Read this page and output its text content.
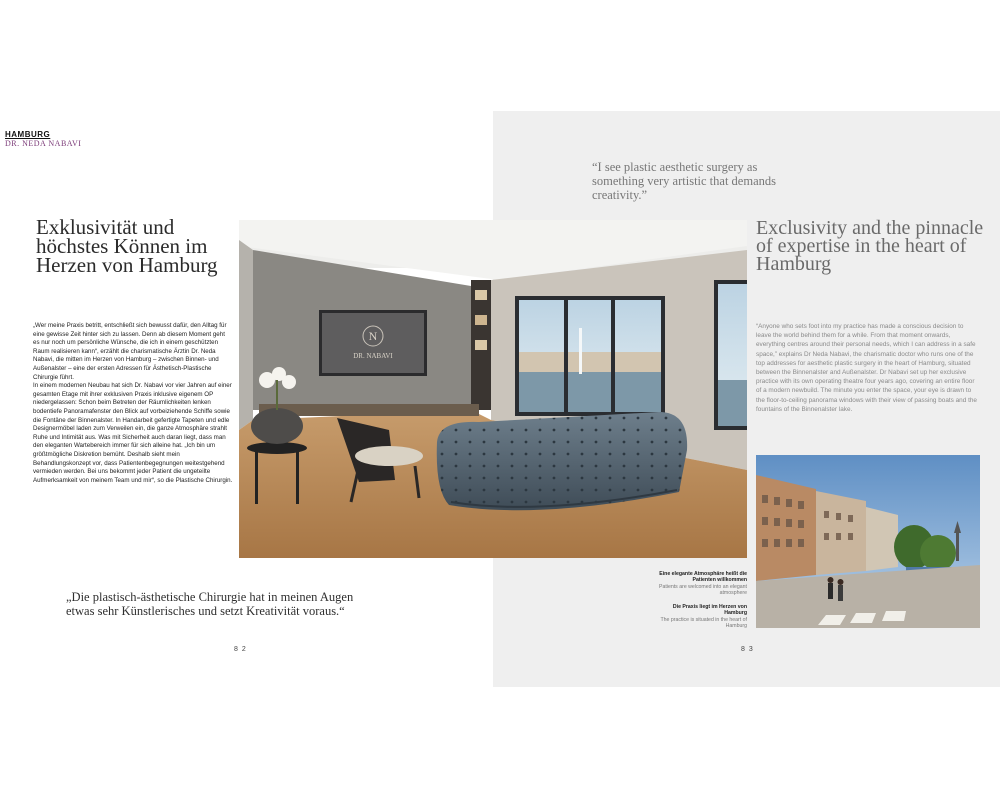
HAMBURG
DR. NEDA NABAVI
“I see plastic aesthetic surgery as something very artistic that demands creativity.”
Exklusivität und höchstes Können im Herzen von Hamburg
Exclusivity and the pinnacle of expertise in the heart of Hamburg

„Wer meine Praxis betritt, entschließt sich bewusst dafür, den Alltag für eine gewisse Zeit hinter sich zu lassen. Denn ab diesem Moment geht es nur noch um persönliche Wünsche, die ich in einem geschützten Raum realisieren kann“, erzählt die charismatische Ärztin Dr. Neda Nabavi, die mitten im Herzen von Hamburg – zwischen Binnen- und Außenalster – eine der ersten Adressen für Ästhetisch-Plastische Chirurgie führt.

In einem modernen Neubau hat sich Dr. Nabavi vor vier Jahren auf einer gesamten Etage mit ihrer exklusiven Praxis inklusive eigenem OP niedergelassen: Schon beim Betreten der Räumlichkeiten lenken bodentiefe Panoramafenster den Blick auf vorbeiziehende Schiffe sowie die Fontäne der Binnenalster. In Handarbeit gefertigte Tapeten und edle Designermöbel laden zum Verweilen ein, die ganze Atmosphäre strahlt Ruhe und Intimität aus. Was mit Sicherheit auch daran liegt, dass man den eleganten Wartebereich immer für sich alleine hat. „Ich bin um größtmögliche Diskretion bemüht. Deshalb sieht mein Behandlungskonzept vor, dass Patientenbegegnungen weitestgehend vermieden werden. Bei uns bekommt jeder Patient die ungeteilte Aufmerksamkeit von meinem Team und mir“, so die Plastische Chirurgin.

“Anyone who sets foot into my practice has made a conscious decision to leave the world behind them for a while. From that moment onwards, everything centres around their personal needs, which I can address in a safe space,” explains Dr Neda Nabavi, the charismatic doctor who runs one of the top addresses for aesthetic plastic surgery in the heart of Hamburg, situated between the Binnenalster and Außenalster. Dr Nabavi set up her exclusive practice with its own operating theatre four years ago, covering an entire floor of a modern newbuild. The minute you enter the space, your eye is drawn to the floor-to-ceiling panorama windows with their view of passing boats and the fountains of the Binnenalster lake.
N
DR. NABAVI
Eine elegante Atmosphäre heißt die Patienten willkommen
Patients are welcomed into an elegant atmosphere
Die Praxis liegt im Herzen von Hamburg
The practice is situated in the heart of Hamburg
„Die plastisch-ästhetische Chirurgie hat in meinen Augen etwas sehr Künstlerisches und setzt Kreativität voraus.“
8 2	8 3
